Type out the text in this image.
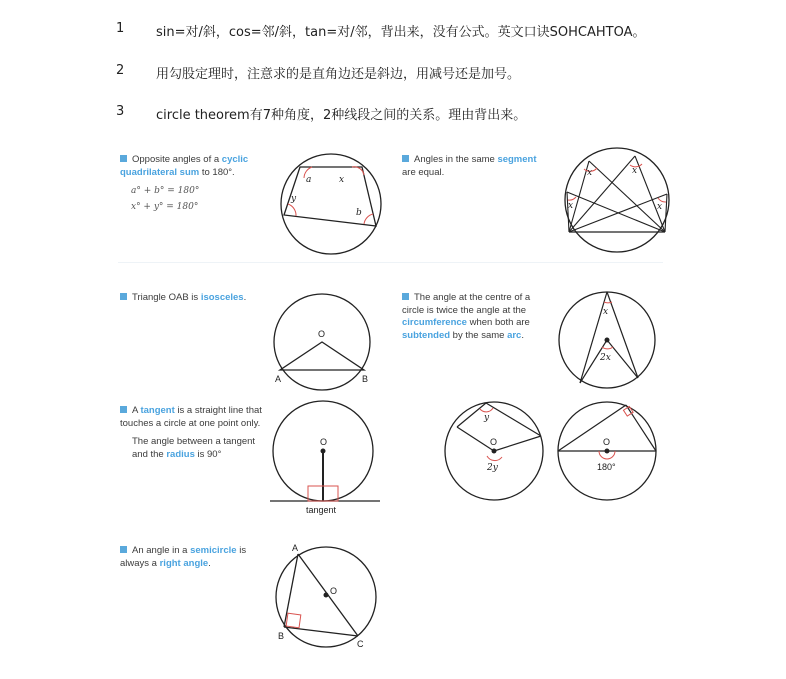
1 sin=对/斜，cos=邻/斜，tan=对/邻，背出来，没有公式。英文口诀SOHCAHTOA。
2 用勾股定理时，注意求的是直角边还是斜边，用减号还是加号。
3 circle theorem有7种角度，2种线段之间的关系。理由背出来。
Opposite angles of a cyclic quadrilateral sum to 180°.
a° + b° = 180°
x° + y° = 180°
a	x
y
b
Angles in the same segment are equal.	x	x
x	x
Triangle OAB is isosceles.
O
A	B
The angle at the centre of a circle is twice the angle at the circumference when both are subtended by the same arc.
x
2x
A tangent is a straight line that touches a circle at one point only.
The angle between a tangent and the radius is 90°
O
tangent
y
O
2y
O
180°
An angle in a semicircle is always a right angle.
A
O
B
C
